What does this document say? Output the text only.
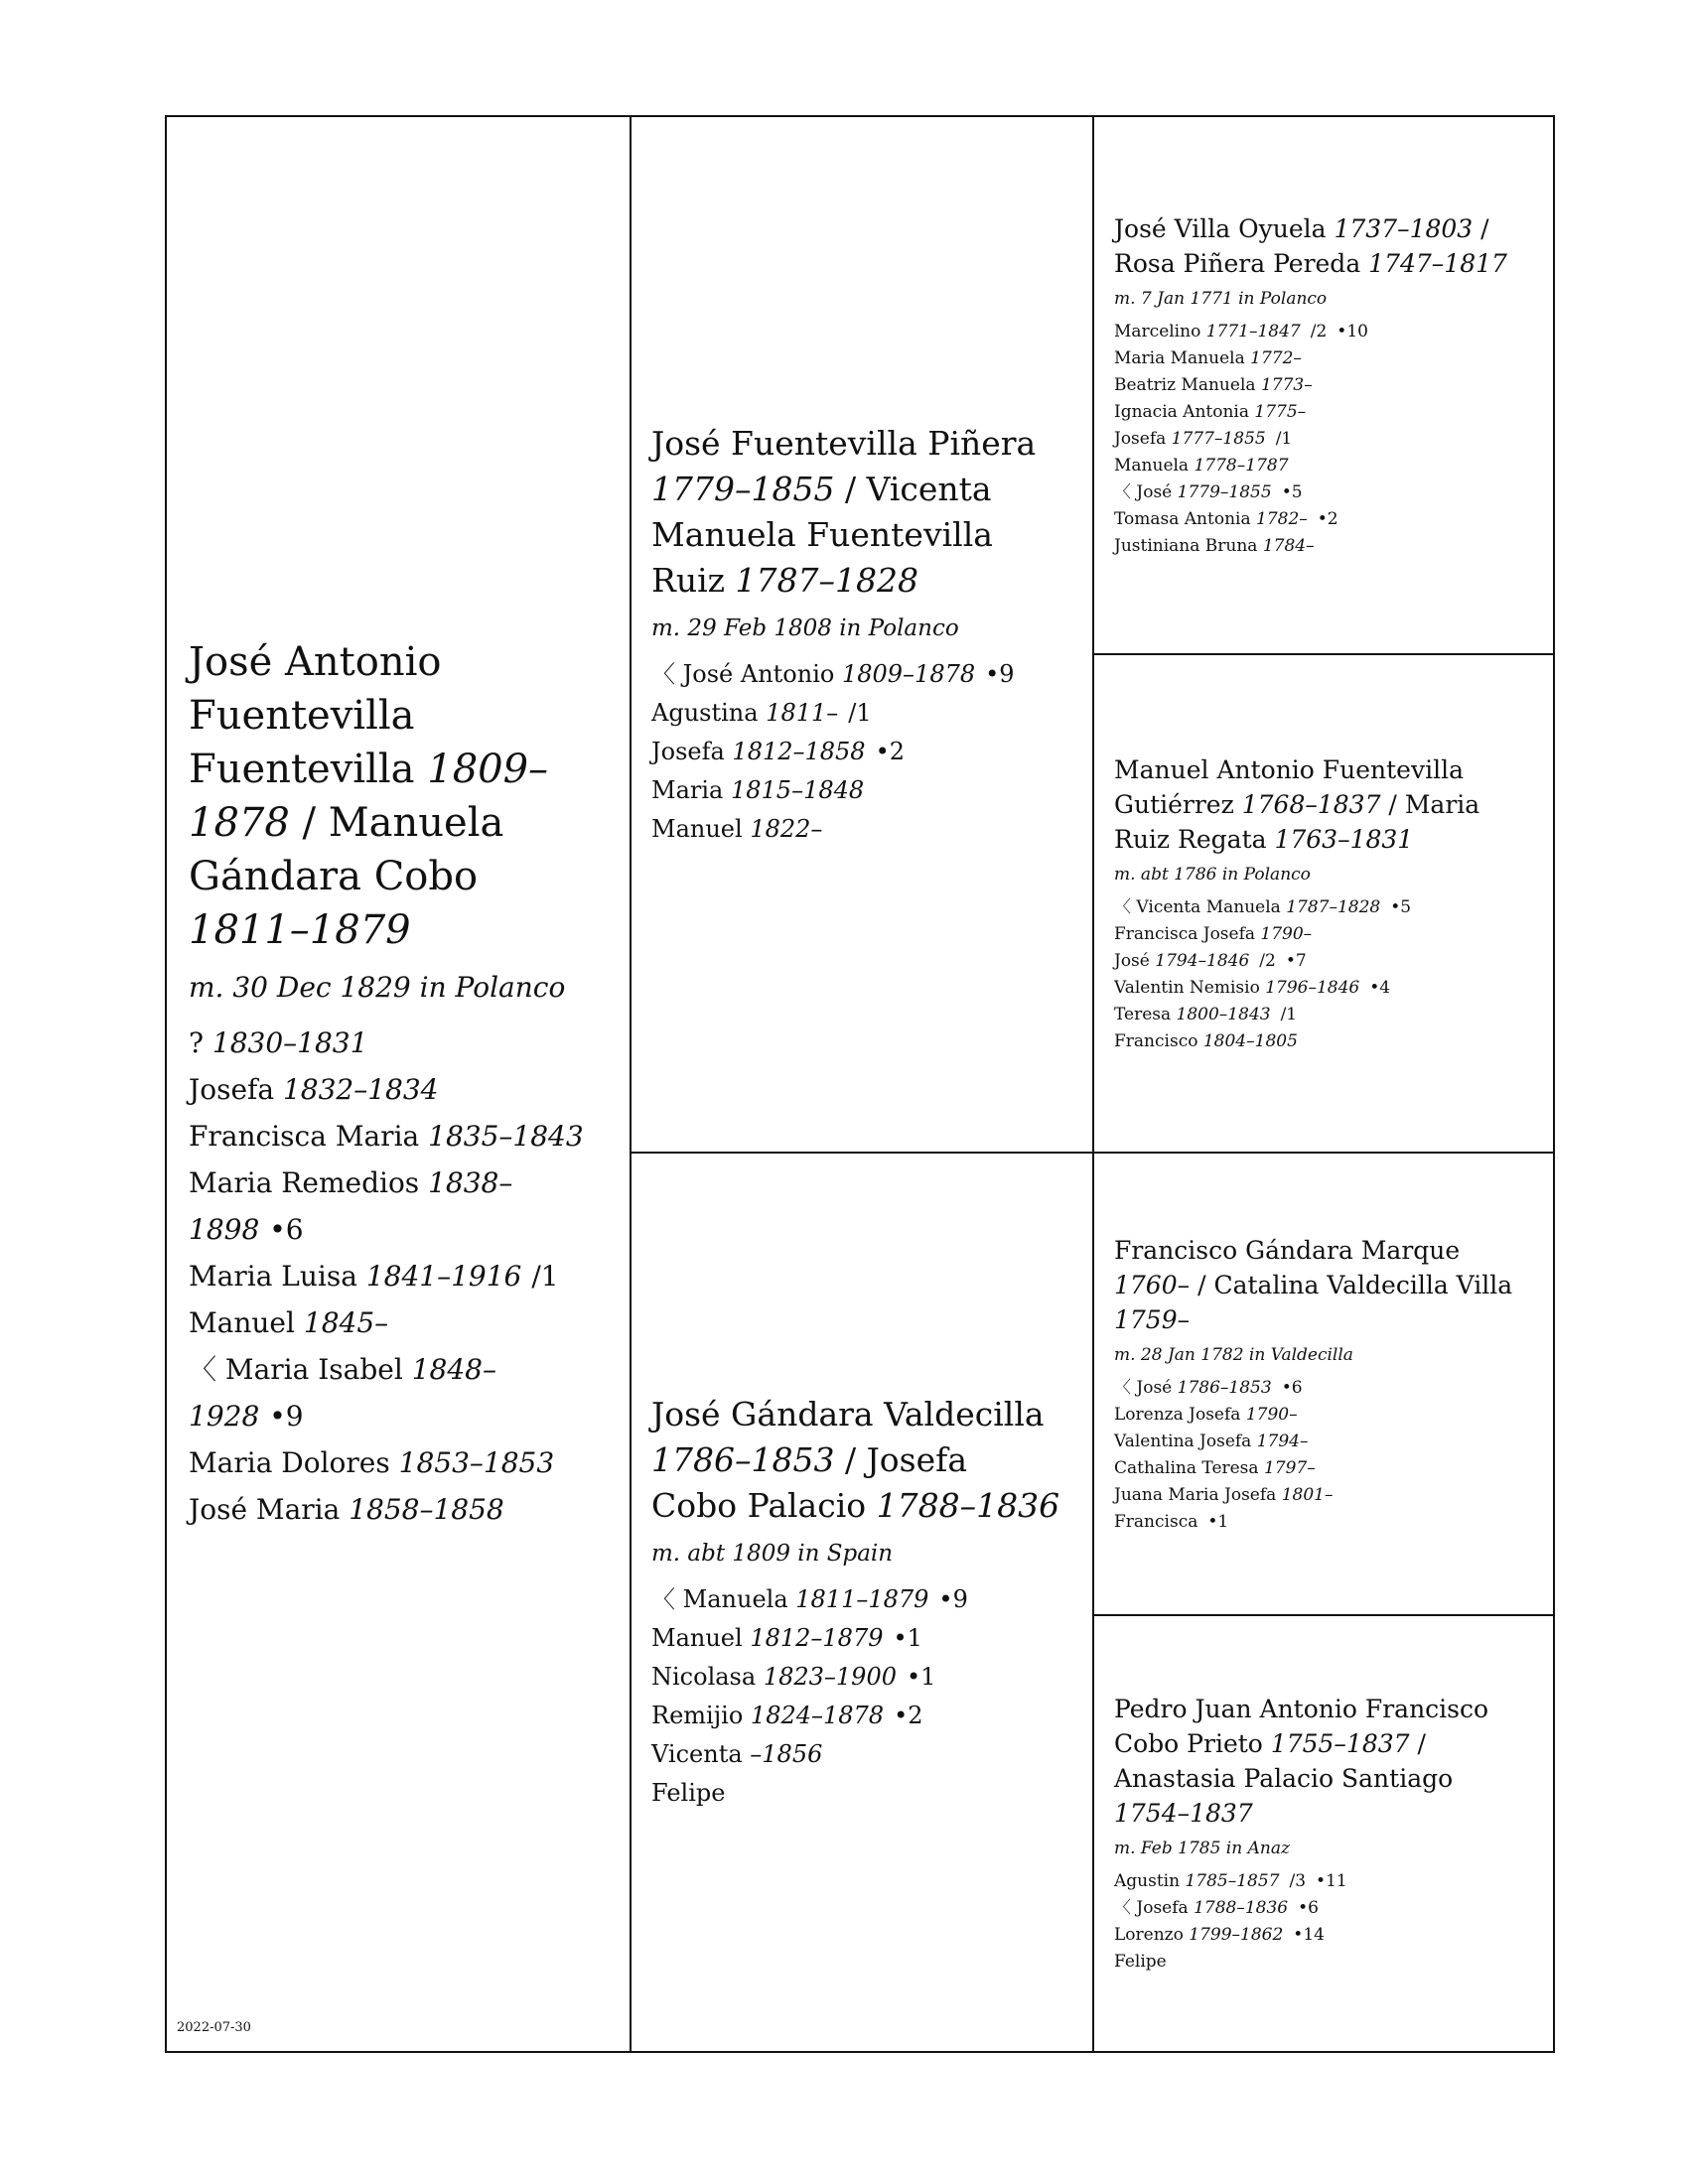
José Antonio Fuentevilla Fuentevilla 1809–1878 / Manuela Gándara Cobo 1811–1879

m. 30 Dec 1829 in Polanco

? 1830–1831
Josefa 1832–1834
Francisca Maria 1835–1843
Maria Remedios 1838–1898 •6
Maria Luisa 1841–1916 /1
Manuel 1845–
〈 Maria Isabel 1848–1928 •9
Maria Dolores 1853–1853
José Maria 1858–1858
2022-07-30

José Fuentevilla Piñera 1779–1855 / Vicenta Manuela Fuentevilla Ruiz 1787–1828

m. 29 Feb 1808 in Polanco

〈 José Antonio 1809–1878 •9
Agustina 1811– /1
Josefa 1812–1858 •2
Maria 1815–1848
Manuel 1822–

José Gándara Valdecilla 1786–1853 / Josefa Cobo Palacio 1788–1836

m. abt 1809 in Spain

〈 Manuela 1811–1879 •9
Manuel 1812–1879 •1
Nicolasa 1823–1900 •1
Remijio 1824–1878 •2
Vicenta –1856
Felipe

José Villa Oyuela 1737–1803 / Rosa Piñera Pereda 1747–1817

m. 7 Jan 1771 in Polanco

Marcelino 1771–1847 /2 •10
Maria Manuela 1772–
Beatriz Manuela 1773–
Ignacia Antonia 1775–
Josefa 1777–1855 /1
Manuela 1778–1787
〈 José 1779–1855 •5
Tomasa Antonia 1782– •2
Justiniana Bruna 1784–

Manuel Antonio Fuentevilla Gutiérrez 1768–1837 / Maria Ruiz Regata 1763–1831

m. abt 1786 in Polanco

〈 Vicenta Manuela 1787–1828 •5
Francisca Josefa 1790–
José 1794–1846 /2 •7
Valentin Nemisio 1796–1846 •4
Teresa 1800–1843 /1
Francisco 1804–1805

Francisco Gándara Marque 1760– / Catalina Valdecilla Villa 1759–

m. 28 Jan 1782 in Valdecilla

〈 José 1786–1853 •6
Lorenza Josefa 1790–
Valentina Josefa 1794–
Cathalina Teresa 1797–
Juana Maria Josefa 1801–
Francisca •1

Pedro Juan Antonio Francisco Cobo Prieto 1755–1837 / Anastasia Palacio Santiago 1754–1837

m. Feb 1785 in Anaz

Agustin 1785–1857 /3 •11
〈 Josefa 1788–1836 •6
Lorenzo 1799–1862 •14
Felipe
